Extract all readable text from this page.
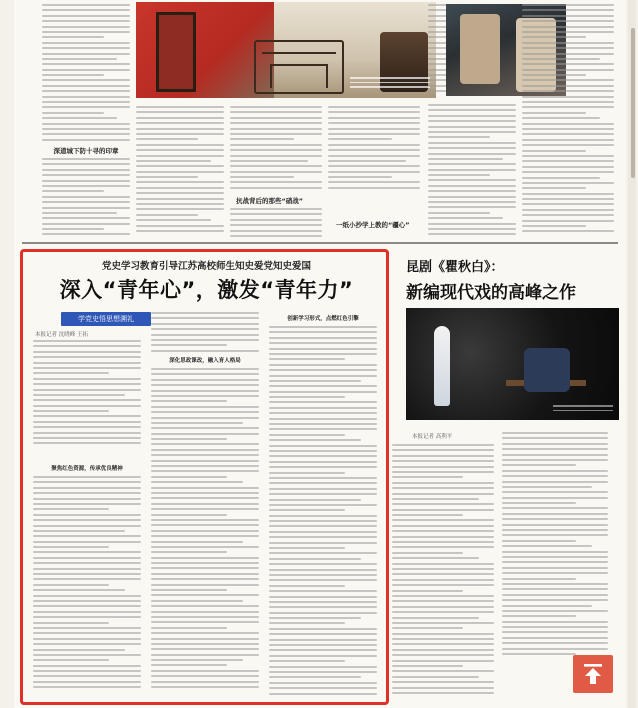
深道城下防十寻的印章
抗战背后的那些“硝战”
一纸小抄学上教的“疆心”
昆剧《瞿秋白》：
新编现代戏的高峰之作
本报记者 高利平
党史学习教育引导江苏高校师生知史爱党知史爱国
深入“青年心”，激发“青年力”
学党史悟思想溯礼
本报记者 沈晓峰 王拓
聚焦红色资源，传承优良精神
深化思政课改，融入育人格局
创新学习形式，点燃红色引擎
